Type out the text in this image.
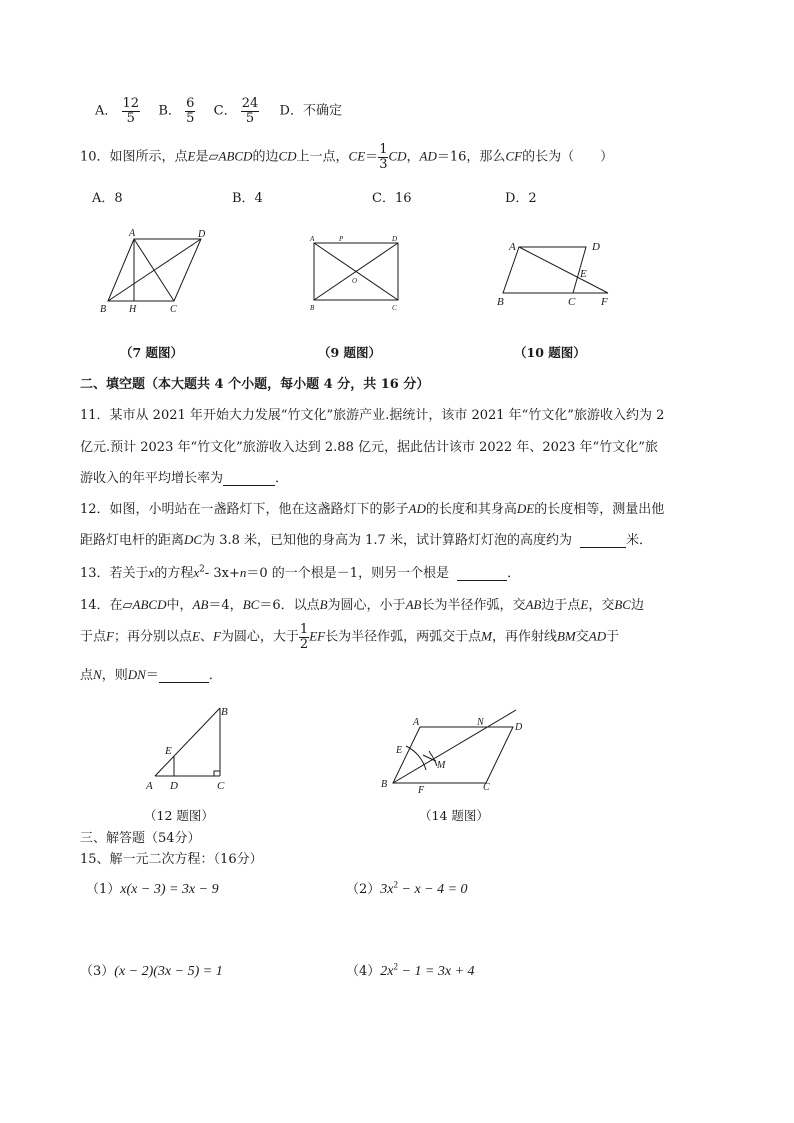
A． $\frac{12}{5}$ B． $\frac{6}{5}$ C． $\frac{24}{5}$ D．不确定
10．如图所示，点E是▱ABCD的边CD上一点，$CE= \frac{1}{3}$ CD，AD＝16，那么CF的长为（　　）
A．8	B．4	C．16	D．2
A	D
B H	C
（7 题图）
A	P	D
O
B	C
（9 题图）
A	D
E
B	C F
（10 题图）
二、填空题（本大题共 4 个小题，每小题 4 分，共 16 分）
11．某市从 2021 年开始大力发展“竹文化”旅游产业.据统计，该市 2021 年“竹文化”旅游收入约为 2
亿元.预计 2023 年“竹文化”旅游收入达到 2.88 亿元，据此估计该市 2022 年、2023 年“竹文化”旅
游收入的年平均增长率为	．
12．如图，小明站在一盏路灯下，他在这盏路灯下的影子AD的长度和其身高DE的长度相等，测量出他
距路灯电杆的距离DC为 3.8 米，已知他的身高为 1.7 米，试计算路灯灯泡的高度约为	米．
13．若关于x的方程$x^2-$ 3x+n＝0 的一个根是－1，则另一个根是	．
14．在▱ABCD中，AB＝4，BC＝6．以点B为圆心，小于AB长为半径作弧，交AB边于点E，交BC边
于点F；再分别以点E、F为圆心，大于 $\frac{1}{2}$ EF长为半径作弧，两弧交于点M，再作射线BM交AD于
点N，则DN＝	．
B
E
A D	C
（12 题图）
A	N	D
E
M
B
F	C
（14 题图）
三、解答题（54分）
15、解一元二次方程：（16分）
（1）x(x − 3) = 3x − 9	$(2)3x^2 - x - 4 = 0$
（3）(x − 2)(3x − 5) = 1	$(4)2x^2 - 1 = 3x + 4$
